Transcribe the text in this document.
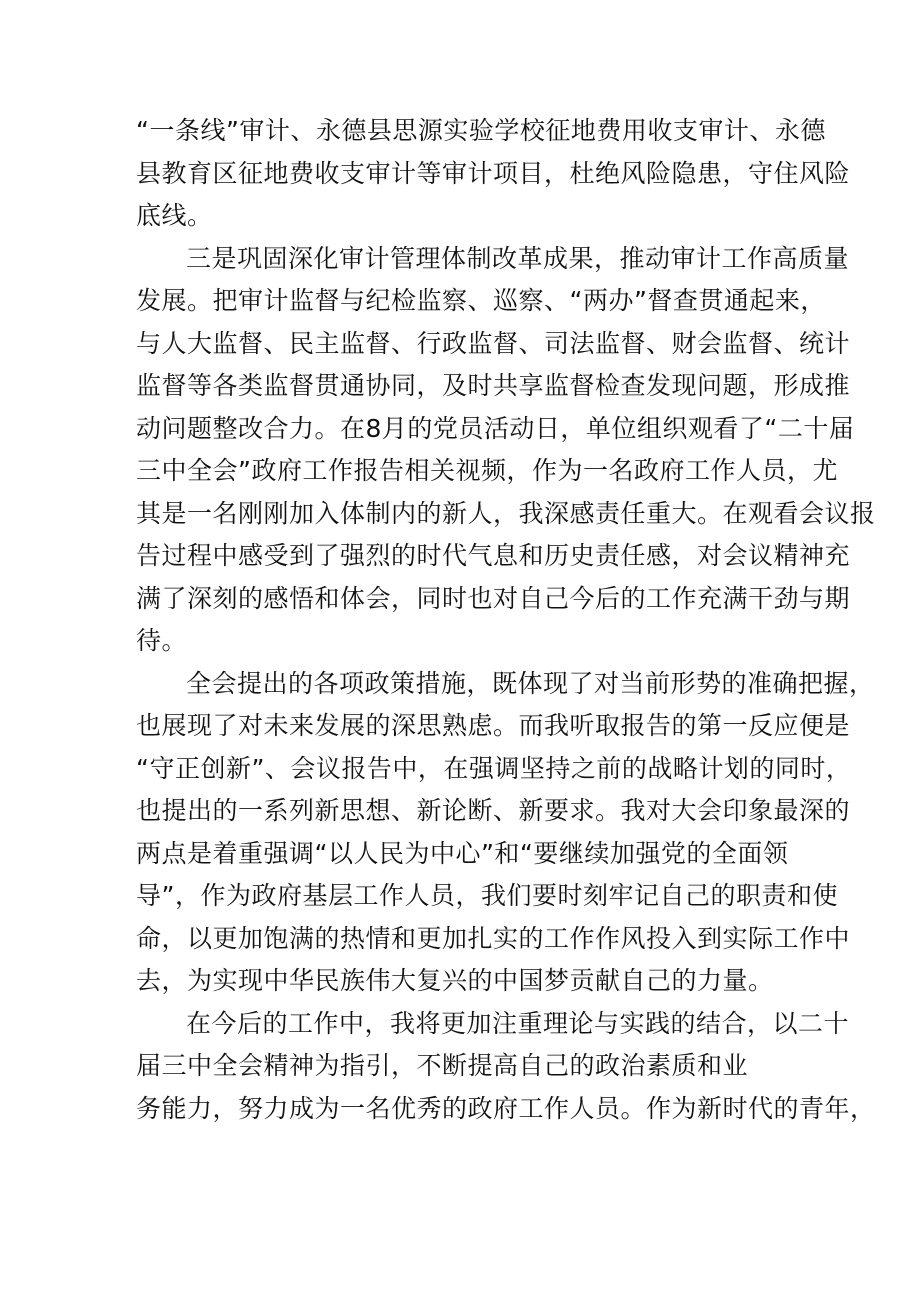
“一条线”审计、永德县思源实验学校征地费用收支审计、永德
县教育区征地费收支审计等审计项目，杜绝风险隐患，守住风险
底线。
三是巩固深化审计管理体制改革成果，推动审计工作高质量
发展。把审计监督与纪检监察、巡察、“两办”督查贯通起来，
与人大监督、民主监督、行政监督、司法监督、财会监督、统计
监督等各类监督贯通协同，及时共享监督检查发现问题，形成推
动问题整改合力。在8月的党员活动日，单位组织观看了“二十届
三中全会”政府工作报告相关视频，作为一名政府工作人员，尤
其是一名刚刚加入体制内的新人，我深感责任重大。在观看会议报
告过程中感受到了强烈的时代气息和历史责任感，对会议精神充
满了深刻的感悟和体会，同时也对自己今后的工作充满干劲与期
待。
全会提出的各项政策措施，既体现了对当前形势的准确把握，
也展现了对未来发展的深思熟虑。而我听取报告的第一反应便是
“守正创新”、会议报告中，在强调坚持之前的战略计划的同时，
也提出的一系列新思想、新论断、新要求。我对大会印象最深的
两点是着重强调“以人民为中心”和“要继续加强党的全面领
导”，作为政府基层工作人员，我们要时刻牢记自己的职责和使
命，以更加饱满的热情和更加扎实的工作作风投入到实际工作中
去，为实现中华民族伟大复兴的中国梦贡献自己的力量。
在今后的工作中，我将更加注重理论与实践的结合，以二十
届三中全会精神为指引，不断提高自己的政治素质和业
务能力，努力成为一名优秀的政府工作人员。作为新时代的青年，
